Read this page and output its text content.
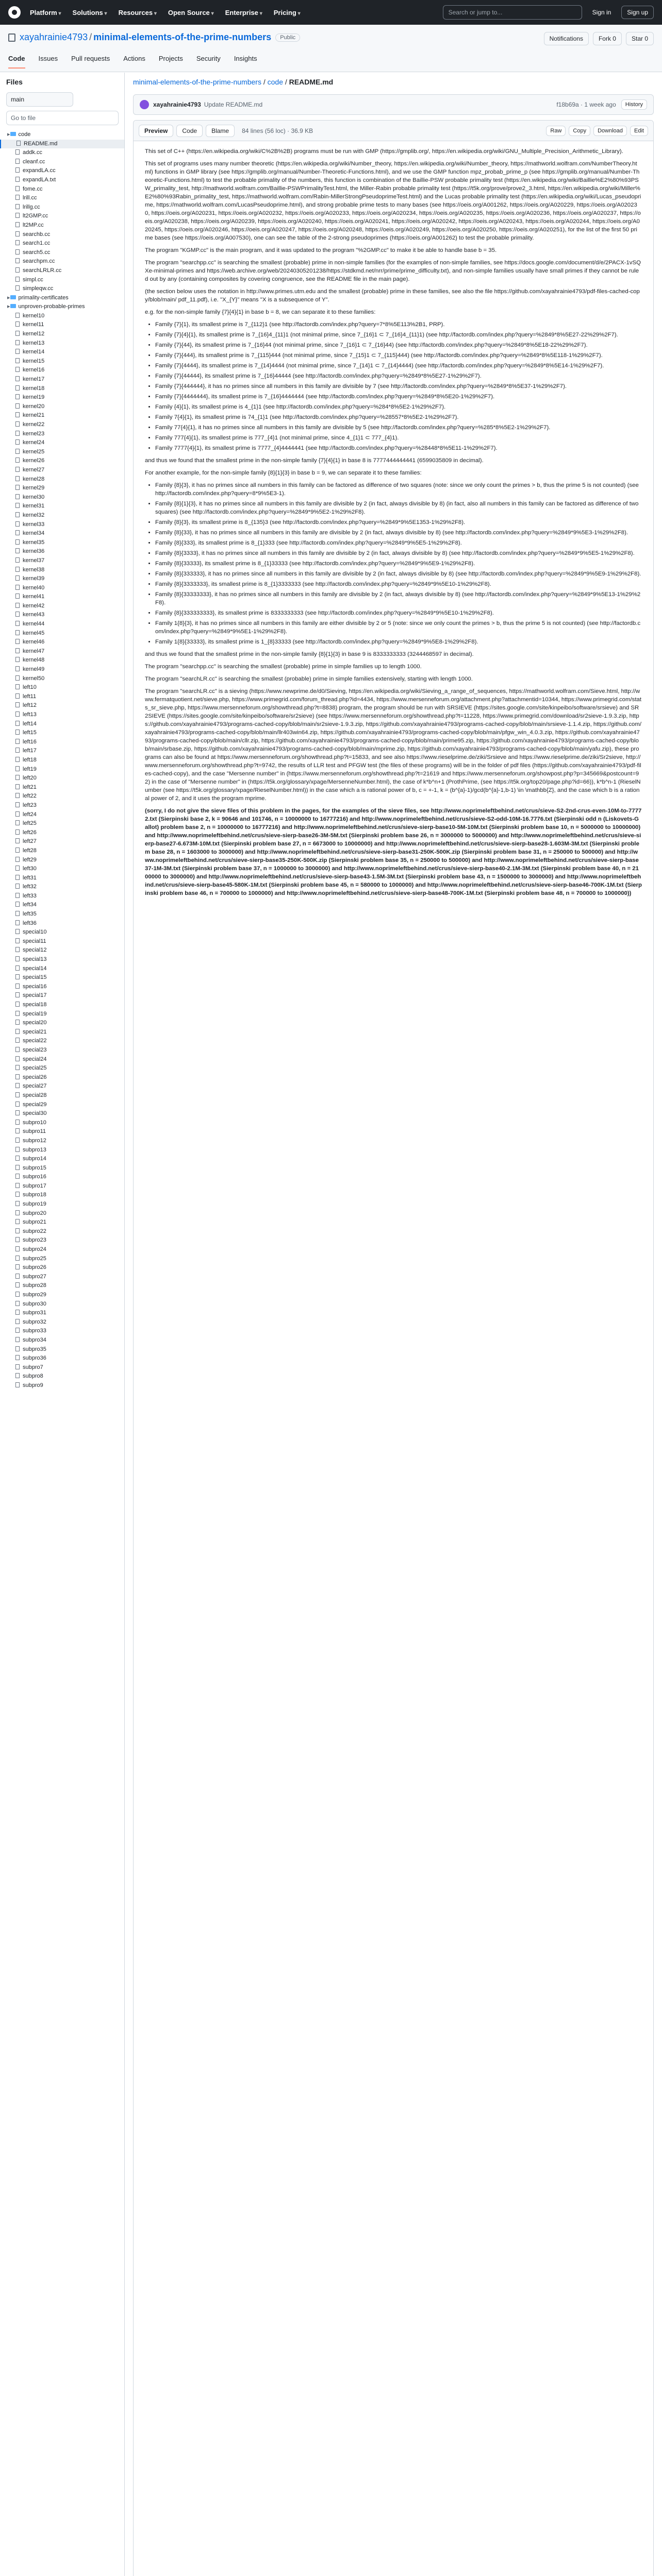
Platform ▾	Solutions ▾	Resources ▾	Open Source ▾	Enterprise ▾	Pricing ▾	Search or jump to...	Sign in	Sign up
xayahrainie4793 / minimal-elements-of-the-prime-numbers	Public	Notifications	Fork 0	Star 0
Code Issues Pull requests Actions Projects Security Insights
Files
main
Go to file
▸ code
README.md
addk.cc
cleanf.cc
expandLA.cc
expandLA.txt
fome.cc
lrill.cc
lrillg.cc
lt2GMP.cc
lt2MP.cc
searchb.cc
search1.cc
search5.cc
searchpm.cc
searchLRLR.cc
simpl.cc
simpleqw.cc
▸ primality-certificates
▸ unproven-probable-primes
kernel10
kernel11
kernel12
kernel13
kernel14
kernel15
kernel16
kernel17
kernel18
kernel19
kernel20
kernel21
kernel22
kernel23
kernel24
kernel25
kernel26
kernel27
kernel28
kernel29
kernel30
kernel31
kernel32
kernel33
kernel34
kernel35
kernel36
kernel37
kernel38
kernel39
kernel40
kernel41
kernel42
kernel43
kernel44
kernel45
kernel46
kernel47
kernel48
kernel49
kernel50
left10
left11
left12
left13
left14
left15
left16
left17
left18
left19
left20
left21
left22
left23
left24
left25
left26
left27
left28
left29
left30
left31
left32
left33
left34
left35
left36
special10
special11
special12
special13
special14
special15
special16
special17
special18
special19
special20
special21
special22
special23
special24
special25
special26
special27
special28
special29
special30
subpro10
subpro11
subpro12
subpro13
subpro14
subpro15
subpro16
subpro17
subpro18
subpro19
subpro20
subpro21
subpro22
subpro23
subpro24
subpro25
subpro26
subpro27
subpro28
subpro29
subpro30
subpro31
subpro32
subpro33
subpro34
subpro35
subpro36
subpro7
subpro8
subpro9
minimal-elements-of-the-prime-numbers / code / README.md
xayahrainie4793 Update README.md	f18b69a · 1 week ago	History
Preview	Code	Blame	84 lines (56 loc) · 36.9 KB	Raw	Copy	Download	Edit

This set of C++ (https://en.wikipedia.org/wiki/C%2B%2B) programs must be run with GMP (https://gmplib.org/, https://en.wikipedia.org/wiki/GNU_Multiple_Precision_Arithmetic_Library).

This set of programs uses many number theoretic (https://en.wikipedia.org/wiki/Number_theory, https://en.wikipedia.org/wiki/Number_theory, https://mathworld.wolfram.com/NumberTheory.html) functions in GMP library (see https://gmplib.org/manual/Number-Theoretic-Functions.html), and we use the GMP function mpz_probab_prime_p (see https://gmplib.org/manual/Number-Theoretic-Functions.html) to test the probable primality of the numbers, this function is combination of the Baillie-PSW probable primality test (https://en.wikipedia.org/wiki/Baillie%E2%80%93PSW_primality_test, http://mathworld.wolfram.com/Baillie-PSWPrimalityTest.html, the Miller-Rabin probable primality test (https://t5k.org/prove/prove2_3.html, https://en.wikipedia.org/wiki/Miller%E2%80%93Rabin_primality_test, https://mathworld.wolfram.com/Rabin-MillerStrongPseudoprimeTest.html) and the Lucas probable primality test (https://en.wikipedia.org/wiki/Lucas_pseudoprime, https://mathworld.wolfram.com/LucasPseudoprime.html), and strong probable prime tests to many bases (see https://oeis.org/A001262, https://oeis.org/A020229, https://oeis.org/A020230, https://oeis.org/A020231, https://oeis.org/A020232, https://oeis.org/A020233, https://oeis.org/A020234, https://oeis.org/A020235, https://oeis.org/A020236, https://oeis.org/A020237, https://oeis.org/A020238, https://oeis.org/A020239, https://oeis.org/A020240, https://oeis.org/A020241, https://oeis.org/A020242, https://oeis.org/A020243, https://oeis.org/A020244, https://oeis.org/A020245, https://oeis.org/A020246, https://oeis.org/A020247, https://oeis.org/A020248, https://oeis.org/A020249, https://oeis.org/A020250, https://oeis.org/A020251), for the list of the first 50 prime bases (see https://oeis.org/A007530), one can see the table of the 2-strong pseudoprimes (https://oeis.org/A001262) to test the probable primality.

The program "KGMP.cc" is the main program, and it was updated to the program "%2GMP.cc" to make it be able to handle base b = 35.

The program "searchpp.cc" is searching the smallest (probable) prime in non-simple families (for the examples of non-simple families, see https://docs.google.com/document/d/e/2PACX-1vSQXe-minimal-primes and https://web.archive.org/web/20240305201238/https://stdkmd.net/nrr/prime/prime_difficulty.txt), and non-simple families usually have small primes if they cannot be ruled out by any (containing composites by covering congruence, see the README file in the main page).

(the section below uses the notation in http://www.primes.utm.edu and the smallest (probable) prime in these families, see also the file https://github.com/xayahrainie4793/pdf-files-cached-copy/blob/main/ pdf_11.pdf), i.e. "X_{Y}" means "X is a subsequence of Y".

e.g. for the non-simple family {7}{4}{1} in base b = 8, we can separate it to these families:

• Family {7}{1}, its smallest prime is 7_{112}1 (see http://factordb.com/index.php?query=7*8%5E113%2B1, PRP).
• Family {7}{4}{1}, its smallest prime is 7_{16}4_{11}1 (not minimal prime, since 7_{16}1 ⊂ 7_{16}4_{11}1) (see http://factordb.com/index.php?query=%2849*8%5E27-22%29%2F7).
• Family {7}{44}, its smallest prime is 7_{16}44 (not minimal prime, since 7_{16}1 ⊂ 7_{16}44) (see http://factordb.com/index.php?query=%2849*8%5E18-22%29%2F7).
• Family {7}{444}, its smallest prime is 7_{115}444 (not minimal prime, since 7_{15}1 ⊂ 7_{115}444) (see http://factordb.com/index.php?query=%2849*8%5E118-1%29%2F7).
• Family {7}{4444}, its smallest prime is 7_{14}4444 (not minimal prime, since 7_{14}1 ⊂ 7_{14}4444) (see http://factordb.com/index.php?query=%2849*8%5E14-1%29%2F7).
• Family {7}{44444}, its smallest prime is 7_{16}44444 (see http://factordb.com/index.php?query=%2849*8%5E27-1%29%2F7).
• Family {7}{444444}, it has no primes since all numbers in this family are divisible by 7 (see http://factordb.com/index.php?query=%2849*8%5E37-1%29%2F7).
• Family {7}{4444444}, its smallest prime is 7_{16}4444444 (see http://factordb.com/index.php?query=%2849*8%5E20-1%29%2F7).
• Family {4}{1}, its smallest prime is 4_{1}1 (see http://factordb.com/index.php?query=%284*8%5E2-1%29%2F7).
• Family 7{4}{1}, its smallest prime is 74_{1}1 (see http://factordb.com/index.php?query=%28557*8%5E2-1%29%2F7).
• Family 77{4}{1}, it has no primes since all numbers in this family are divisible by 5 (see http://factordb.com/index.php?query=%285*8%5E2-1%29%2F7).
• Family 777{4}{1}, its smallest prime is 777_{4}1 (not minimal prime, since 4_{1}1 ⊂ 777_{4}1).
• Family 7777{4}{1}, its smallest prime is 7777_{4}4444441 (see http://factordb.com/index.php?query=%28448*8%5E11-1%29%2F7).

and thus we found that the smallest prime in the non-simple family {7}{4}{1} in base 8 is 7777444444441 (6599035809 in decimal).

For another example, for the non-simple family {8}{1}{3} in base b = 9, we can separate it to these families:

• Family {8}{3}, it has no primes since all numbers in this family can be factored as difference of two squares (note: since we only count the primes > b, thus the prime 5 is not counted) (see http://factordb.com/index.php?query=8*9%5E3-1).
• Family {8}{1}{3}, it has no primes since all numbers in this family are divisible by 2 (in fact, always divisible by 8) (in fact, also all numbers in this family can be factored as difference of two squares) (see http://factordb.com/index.php?query=%2849*9%5E2-1%29%2F8).
• Family {8}{3}, its smallest prime is 8_{135}3 (see http://factordb.com/index.php?query=%2849*9%5E1353-1%29%2F8).
• Family {8}{33}, it has no primes since all numbers in this family are divisible by 2 (in fact, always divisible by 8) (see http://factordb.com/index.php?query=%2849*9%5E3-1%29%2F8).
• Family {8}{333}, its smallest prime is 8_{1}333 (see http://factordb.com/index.php?query=%2849*9%5E5-1%29%2F8).
• Family {8}{3333}, it has no primes since all numbers in this family are divisible by 2 (in fact, always divisible by 8) (see http://factordb.com/index.php?query=%2849*9%5E5-1%29%2F8).
• Family {8}{33333}, its smallest prime is 8_{1}33333 (see http://factordb.com/index.php?query=%2849*9%5E9-1%29%2F8).
• Family {8}{333333}, it has no primes since all numbers in this family are divisible by 2 (in fact, always divisible by 8) (see http://factordb.com/index.php?query=%2849*9%5E9-1%29%2F8).
• Family {8}{3333333}, its smallest prime is 8_{1}3333333 (see http://factordb.com/index.php?query=%2849*9%5E10-1%29%2F8).
• Family {8}{33333333}, it has no primes since all numbers in this family are divisible by 2 (in fact, always divisible by 8) (see http://factordb.com/index.php?query=%2849*9%5E13-1%29%2F8).
• Family {8}{333333333}, its smallest prime is 8333333333 (see http://factordb.com/index.php?query=%2849*9%5E10-1%29%2F8).
• Family 1{8}{3}, it has no primes since all numbers in this family are either divisible by 2 or 5 (note: since we only count the primes > b, thus the prime 5 is not counted) (see http://factordb.com/index.php?query=%2849*9%5E1-1%29%2F8).
• Family 1{8}{33333}, its smallest prime is 1_{8}33333 (see http://factordb.com/index.php?query=%2849*9%5E8-1%29%2F8).

and thus we found that the smallest prime in the non-simple family {8}{1}{3} in base 9 is 8333333333 (3244468597 in decimal).

The program "searchpp.cc" is searching the smallest (probable) prime in simple families up to length 1000.

The program "searchLR.cc" is searching the smallest (probable) prime in simple families extensively, starting with length 1000.

The program "searchLR.cc" is a sieving (https://www.newprime.de/d0/Sieving, https://en.wikipedia.org/wiki/Sieving_a_range_of_sequences, https://mathworld.wolfram.com/Sieve.html, http://www.fermatquotient.net/sieve.php, https://www.primegrid.com/forum_thread.php?id=4434, https://www.mersenneforum.org/attachment.php?attachmentid=10344, https://www.primegrid.com/stats_sr_sieve.php, https://www.mersenneforum.org/showthread.php?t=8838) program, the program should be run with SRSIEVE (https://sites.google.com/site/kinpeibo/software/srsieve) and SR2SIEVE (https://sites.google.com/site/kinpeibo/software/sr2sieve) (see https://www.mersenneforum.org/showthread.php?t=11228, https://www.primegrid.com/download/sr2sieve-1.9.3.zip, https://github.com/xayahrainie4793/programs-cached-copy/blob/main/sr2sieve-1.9.3.zip, https://github.com/xayahrainie4793/programs-cached-copy/blob/main/srsieve-1.1.4.zip, https://github.com/xayahrainie4793/programs-cached-copy/blob/main/llr403win64.zip, https://github.com/xayahrainie4793/programs-cached-copy/blob/main/pfgw_win_4.0.3.zip, https://github.com/xayahrainie4793/programs-cached-copy/blob/main/cllr.zip, https://github.com/xayahrainie4793/programs-cached-copy/blob/main/prime95.zip, https://github.com/xayahrainie4793/programs-cached-copy/blob/main/srbase.zip, https://github.com/xayahrainie4793/programs-cached-copy/blob/main/mprime.zip, https://github.com/xayahrainie4793/programs-cached-copy/blob/main/yafu.zip), these programs can also be found at https://www.mersenneforum.org/showthread.php?t=15833, and see also https://www.rieselprime.de/ziki/Srsieve and https://www.rieselprime.de/ziki/Sr2sieve, http://www.mersenneforum.org/showthread.php?t=9742, the results of LLR test and PFGW test (the files of these programs) will be in the folder of pdf files (https://github.com/xayahrainie4793/pdf-files-cached-copy), and the case "Mersenne number" in (https://www.mersenneforum.org/showthread.php?t=21619 and https://www.mersenneforum.org/showpost.php?p=345669&postcount=92) in the case of "Mersenne number" in (https://t5k.org/glossary/xpage/MersenneNumber.html), the case of k*b^n+1 (ProthPrime, (see https://t5k.org/top20/page.php?id=66)), k*b^n-1 (RieselNumber (see https://t5k.org/glossary/xpage/RieselNumber.html)) in the case which a is rational power of b, c = +-1, k = (b^{a}-1)/gcd(b^{a}-1,b-1) \in \mathbb{Z}, and the case which b is a rational power of 2, and it uses the program mprime.

(sorry, I do not give the sieve files of this problem in the pages, for the examples of the sieve files, see http://www.noprimeleftbehind.net/crus/sieve-S2-2nd-crus-even-10M-to-77772.txt (Sierpinski base 2, k = 90646 and 101746, n = 10000000 to 16777216) and http://www.noprimeleftbehind.net/crus/sieve-S2-odd-10M-16.7776.txt (Sierpinski odd n (Liskovets-Gallot) problem base 2, n = 10000000 to 16777216) and http://www.noprimeleftbehind.net/crus/sieve-sierp-base10-5M-10M.txt (Sierpinski problem base 10, n = 5000000 to 10000000) and http://www.noprimeleftbehind.net/crus/sieve-sierp-base26-3M-5M.txt (Sierpinski problem base 26, n = 3000000 to 5000000) and http://www.noprimeleftbehind.net/crus/sieve-sierp-base27-6.673M-10M.txt (Sierpinski problem base 27, n = 6673000 to 10000000) and http://www.noprimeleftbehind.net/crus/sieve-sierp-base28-1.603M-3M.txt (Sierpinski problem base 28, n = 1603000 to 3000000) and http://www.noprimeleftbehind.net/crus/sieve-sierp-base31-250K-500K.zip (Sierpinski problem base 31, n = 250000 to 500000) and http://www.noprimeleftbehind.net/crus/sieve-sierp-base35-250K-500K.zip (Sierpinski problem base 35, n = 250000 to 500000) and http://www.noprimeleftbehind.net/crus/sieve-sierp-base37-1M-3M.txt (Sierpinski problem base 37, n = 1000000 to 3000000) and http://www.noprimeleftbehind.net/crus/sieve-sierp-base40-2.1M-3M.txt (Sierpinski problem base 40, n = 2100000 to 3000000) and http://www.noprimeleftbehind.net/crus/sieve-sierp-base43-1.5M-3M.txt (Sierpinski problem base 43, n = 1500000 to 3000000) and http://www.noprimeleftbehind.net/crus/sieve-sierp-base45-580K-1M.txt (Sierpinski problem base 45, n = 580000 to 1000000) and http://www.noprimeleftbehind.net/crus/sieve-sierp-base46-700K-1M.txt (Sierpinski problem base 46, n = 700000 to 1000000) and http://www.noprimeleftbehind.net/crus/sieve-sierp-base48-700K-1M.txt (Sierpinski problem base 48, n = 700000 to 1000000))
